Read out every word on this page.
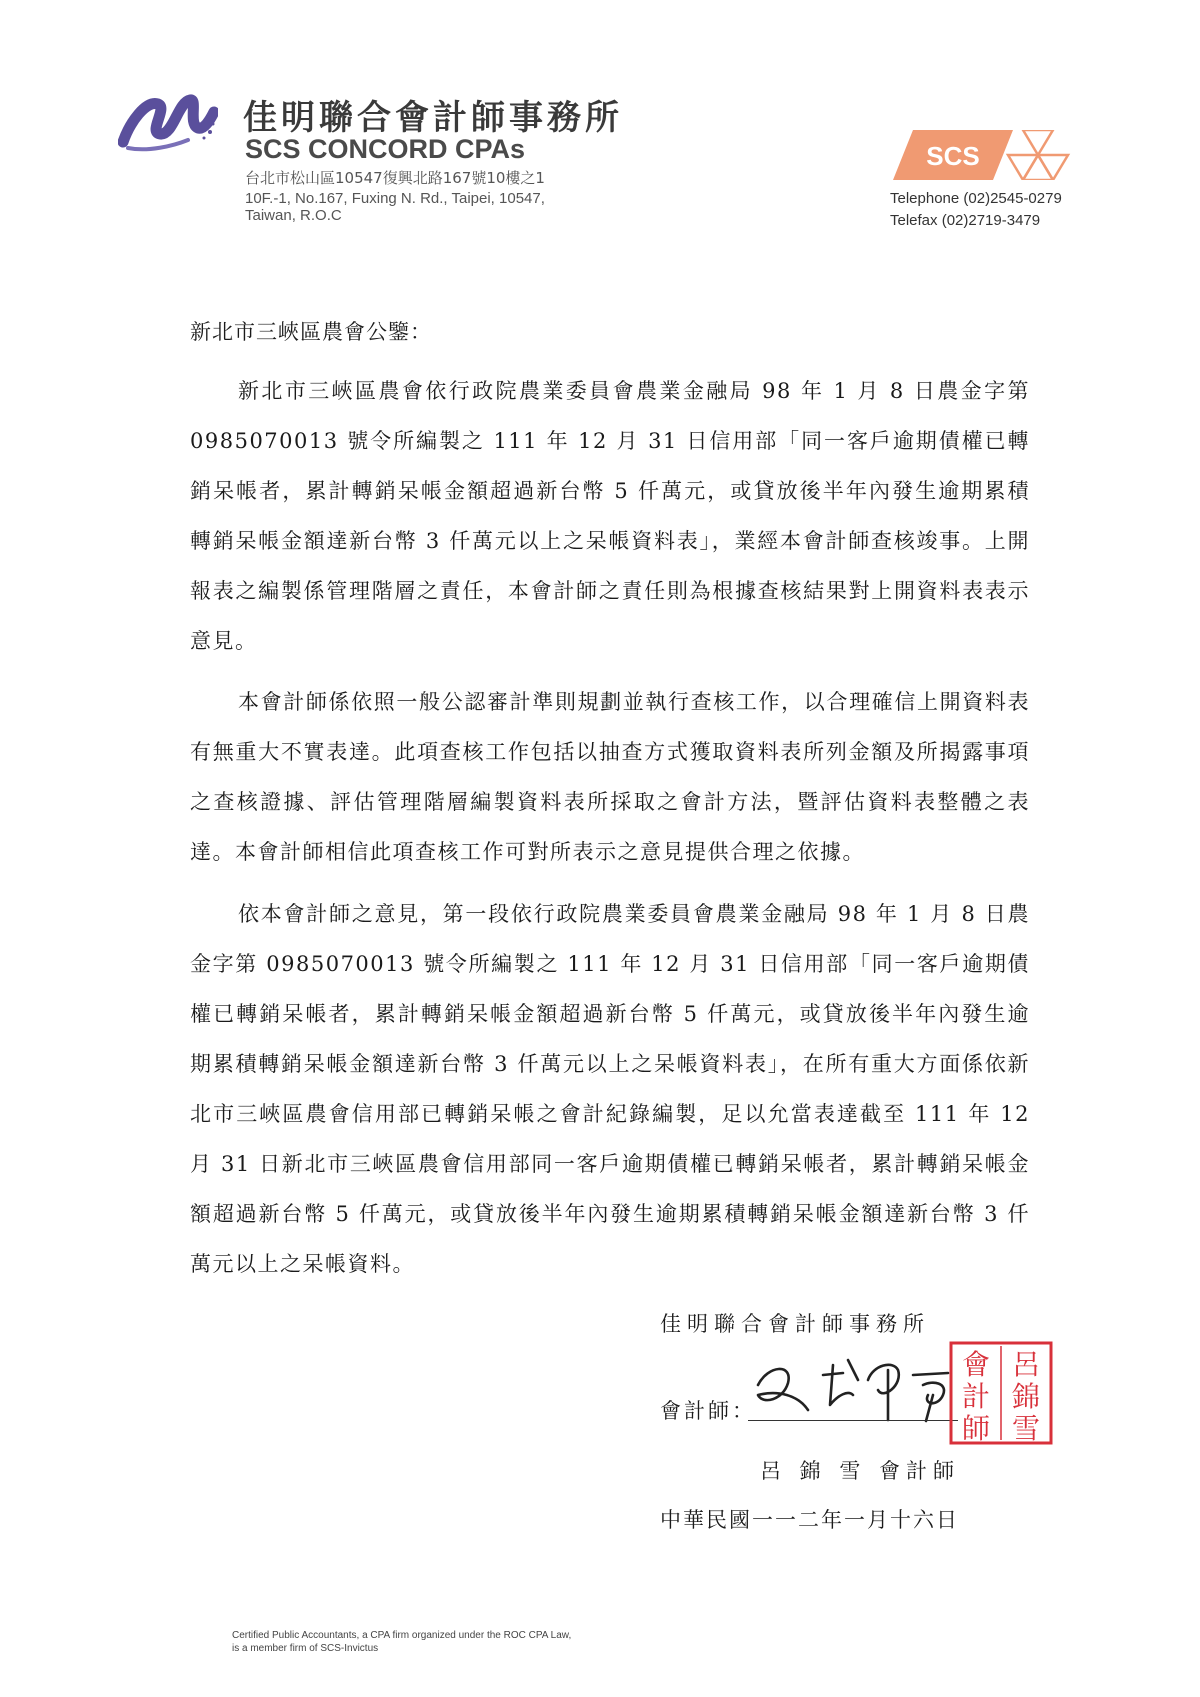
佳明聯合會計師事務所
SCS CONCORD CPAs
台北市松山區10547復興北路167號10樓之1
10F.-1, No.167, Fuxing N. Rd., Taipei, 10547,
Taiwan, R.O.C
SCS
Telephone (02)2545-0279
Telefax (02)2719-3479
新北市三峽區農會公鑒：
新北市三峽區農會依行政院農業委員會農業金融局 98 年 1 月 8 日農金字第 0985070013 號令所編製之 111 年 12 月 31 日信用部「同一客戶逾期債權已轉銷呆帳者，累計轉銷呆帳金額超過新台幣 5 仟萬元，或貸放後半年內發生逾期累積轉銷呆帳金額達新台幣 3 仟萬元以上之呆帳資料表」，業經本會計師查核竣事。上開報表之編製係管理階層之責任，本會計師之責任則為根據查核結果對上開資料表表示意見。
本會計師係依照一般公認審計準則規劃並執行查核工作，以合理確信上開資料表有無重大不實表達。此項查核工作包括以抽查方式獲取資料表所列金額及所揭露事項之查核證據、評估管理階層編製資料表所採取之會計方法，暨評估資料表整體之表達。本會計師相信此項查核工作可對所表示之意見提供合理之依據。
依本會計師之意見，第一段依行政院農業委員會農業金融局 98 年 1 月 8 日農金字第 0985070013 號令所編製之 111 年 12 月 31 日信用部「同一客戶逾期債權已轉銷呆帳者，累計轉銷呆帳金額超過新台幣 5 仟萬元，或貸放後半年內發生逾期累積轉銷呆帳金額達新台幣 3 仟萬元以上之呆帳資料表」，在所有重大方面係依新北市三峽區農會信用部已轉銷呆帳之會計紀錄編製，足以允當表達截至 111 年 12 月 31 日新北市三峽區農會信用部同一客戶逾期債權已轉銷呆帳者，累計轉銷呆帳金額超過新台幣 5 仟萬元，或貸放後半年內發生逾期累積轉銷呆帳金額達新台幣 3 仟萬元以上之呆帳資料。
佳明聯合會計師事務所
會計師：
呂
錦
雪
會
計
師
呂 錦 雪 會計師
中華民國一一二年一月十六日
Certified Public Accountants, a CPA firm organized under the ROC CPA Law,
is a member firm of SCS-Invictus
